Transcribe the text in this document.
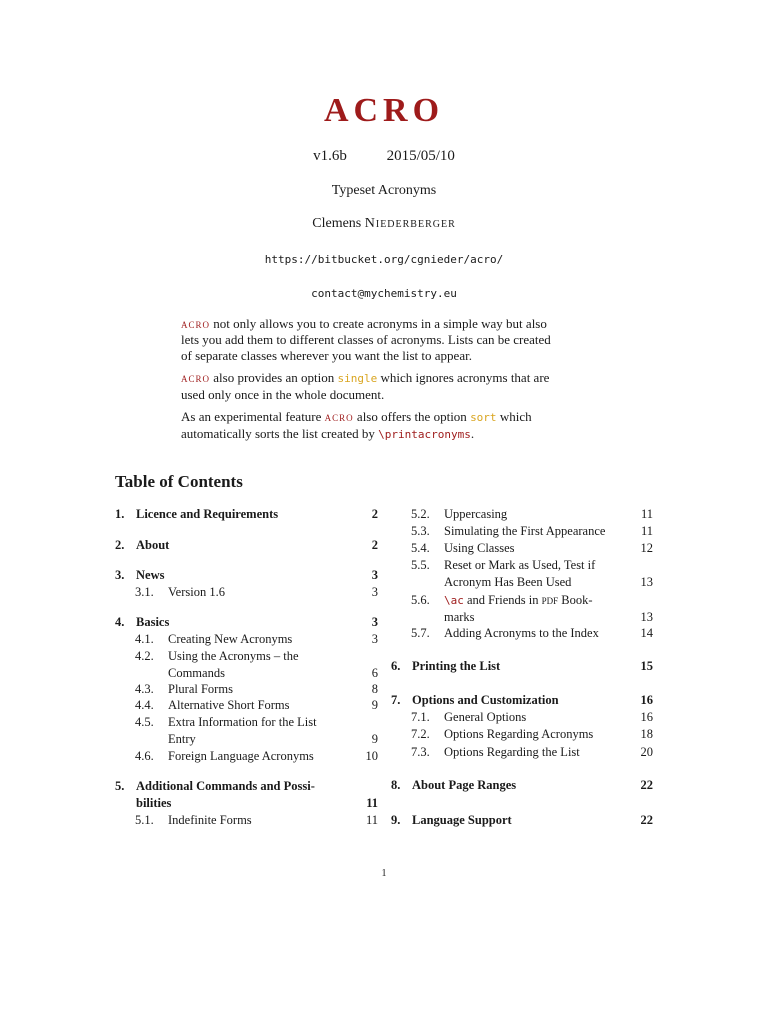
ACRO
v1.6b	2015/05/10
Typeset Acronyms
Clemens Niederberger
https://bitbucket.org/cgnieder/acro/
contact@mychemistry.eu

acro not only allows you to create acronyms in a simple way but also

lets you add them to different classes of acronyms. Lists can be created

of separate classes wherever you want the list to appear.

acro also provides an option single which ignores acronyms that are

used only once in the whole document.

As an experimental feature acro also offers the option sort which

automatically sorts the list created by \printacronyms.

Table of Contents
1. Licence and Requirements	2
2. About	2
3. News	3
3.1. Version 1.6	3
4. Basics	3
4.1. Creating New Acronyms	3
4.2. Using the Acronyms – the
Commands	6
4.3. Plural Forms	8
4.4. Alternative Short Forms	9
4.5. Extra Information for the List
Entry	9
4.6. Foreign Language Acronyms	10
5. Additional Commands and Possi-
bilities	11
5.1. Indefinite Forms	11
5.2. Uppercasing	11
5.3. Simulating the First Appearance	11
5.4. Using Classes	12
5.5. Reset or Mark as Used, Test if
Acronym Has Been Used	13
5.6. \ac and Friends in pdf Book-
marks	13
5.7. Adding Acronyms to the Index	14
6. Printing the List	15
7. Options and Customization	16
7.1. General Options	16
7.2. Options Regarding Acronyms	18
7.3. Options Regarding the List	20
8. About Page Ranges	22
9. Language Support	22
1
